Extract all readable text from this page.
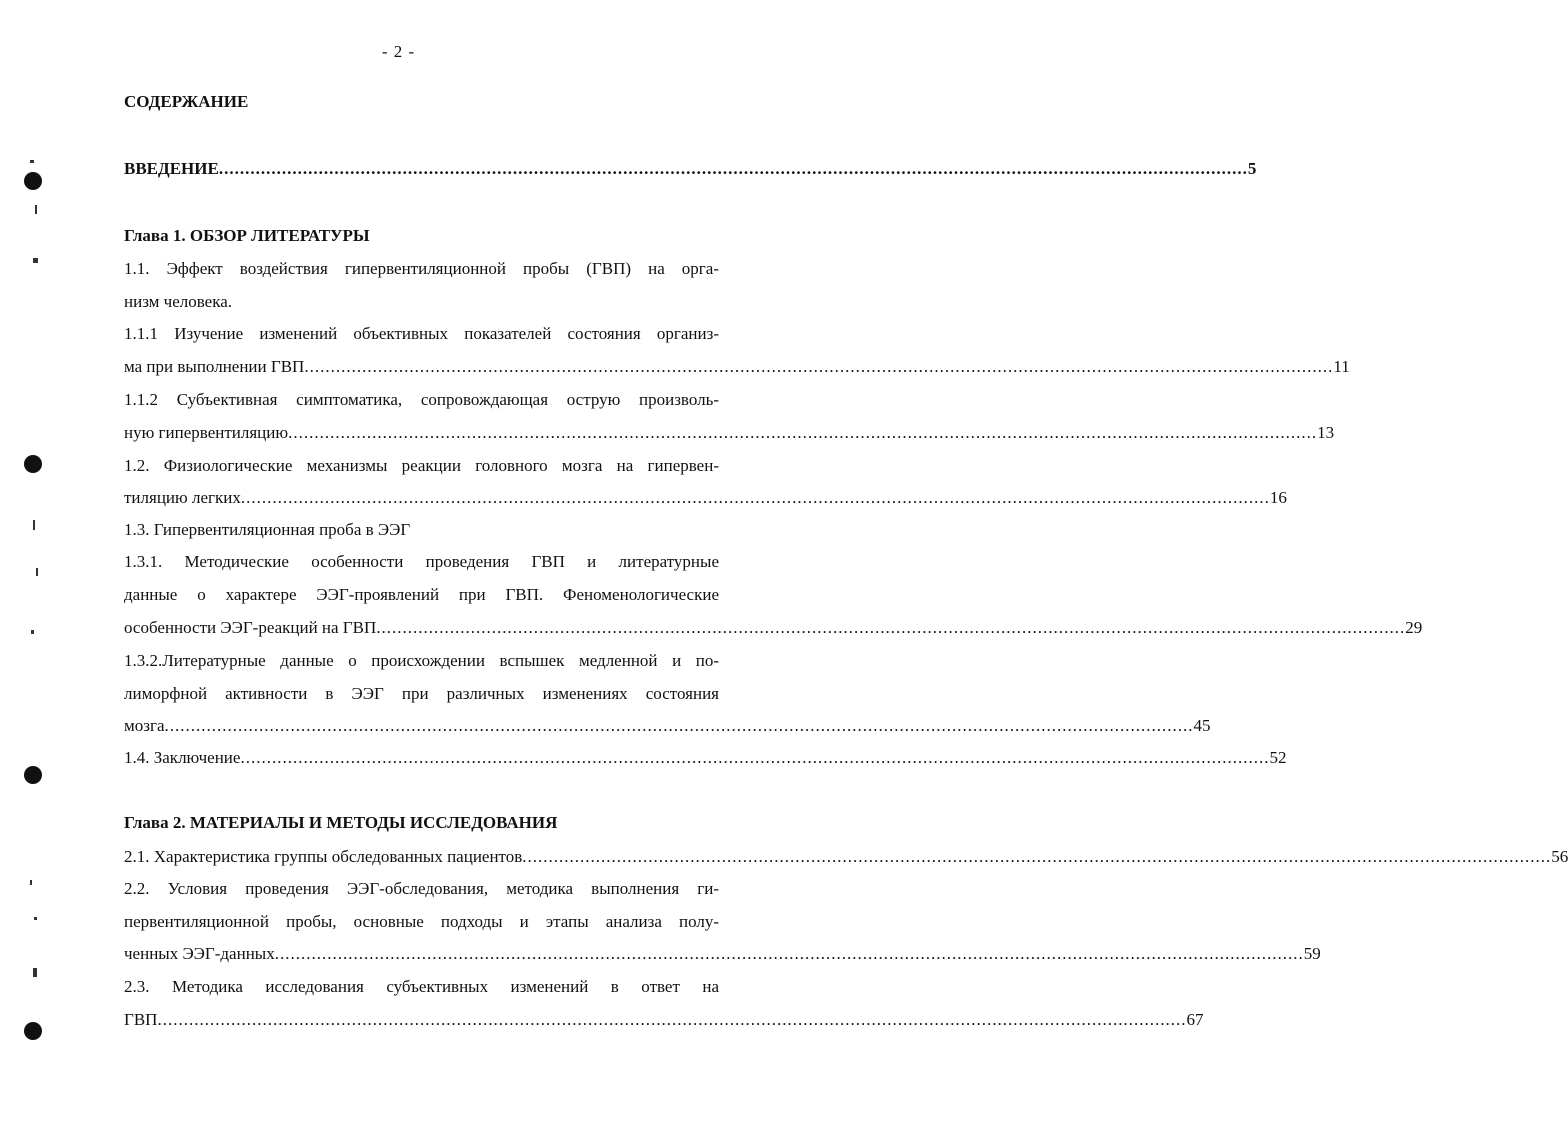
- 2 -
СОДЕРЖАНИЕ
ВВЕДЕНИЕ .................................................................................................................................................................................................... 5
Глава 1. ОБЗОР ЛИТЕРАТУРЫ
1.1. Эффект воздействия гипервентиляционной пробы (ГВП) на орга-
низм человека.
1.1.1 Изучение изменений объективных показателей состояния организ-
ма при выполнении ГВП .................................................................................................................................................................................................... 11
1.1.2 Субъективная симптоматика, сопровождающая острую произволь-
ную гипервентиляцию .................................................................................................................................................................................................... 13
1.2. Физиологические механизмы реакции головного мозга на гипервен-
тиляцию легких .................................................................................................................................................................................................... 16
1.3. Гипервентиляционная проба в ЭЭГ
1.3.1. Методические особенности проведения ГВП и литературные
данные о характере ЭЭГ-проявлений при ГВП. Феноменологические
особенности ЭЭГ-реакций на ГВП .................................................................................................................................................................................................... 29
1.3.2.Литературные данные о происхождении вспышек медленной и по-
лиморфной активности в ЭЭГ при различных изменениях состояния
мозга .................................................................................................................................................................................................... 45
1.4. Заключение .................................................................................................................................................................................................... 52
Глава 2. МАТЕРИАЛЫ И МЕТОДЫ ИССЛЕДОВАНИЯ
2.1. Характеристика группы обследованных пациентов .................................................................................................................................................................................................... 56
2.2. Условия проведения ЭЭГ-обследования, методика выполнения ги-
первентиляционной пробы, основные подходы и этапы анализа полу-
ченных ЭЭГ-данных .................................................................................................................................................................................................... 59
2.3. Методика исследования субъективных изменений в ответ на
ГВП .................................................................................................................................................................................................... 67
